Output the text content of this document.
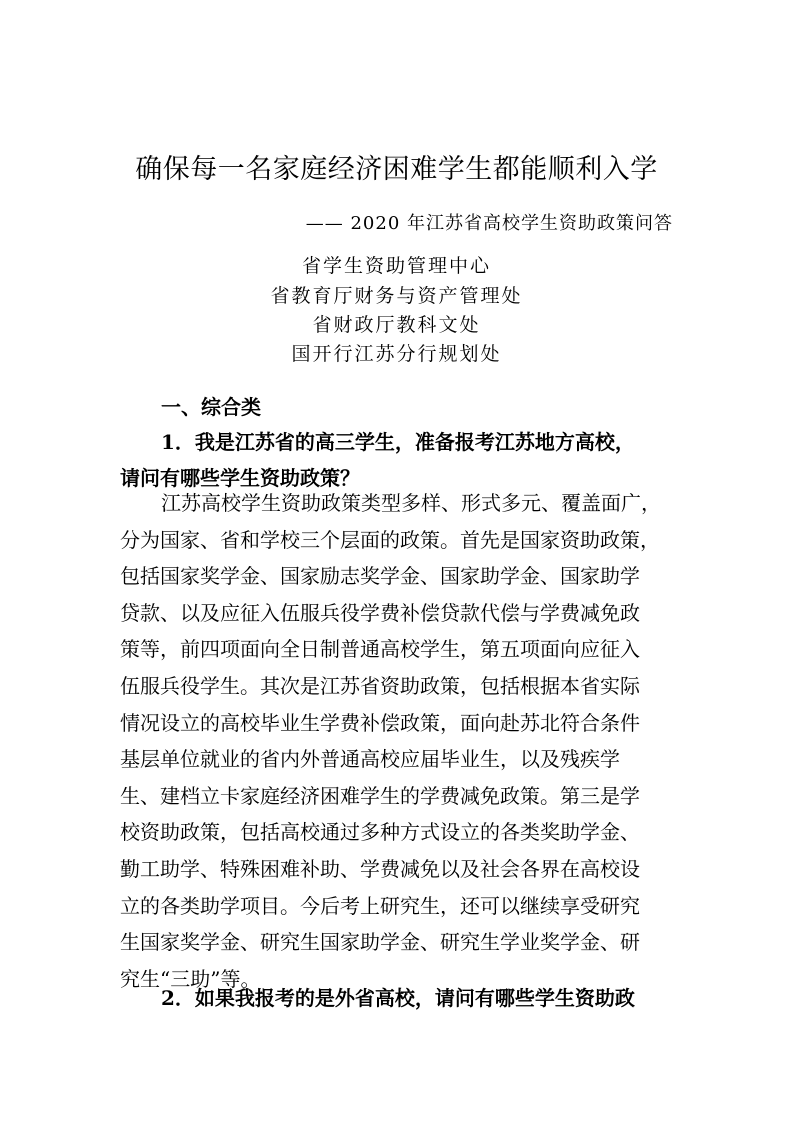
确保每一名家庭经济困难学生都能顺利入学
—— 2020 年江苏省高校学生资助政策问答
省学生资助管理中心
省教育厅财务与资产管理处
省财政厅教科文处
国开行江苏分行规划处
一、综合类
1．我是江苏省的高三学生，准备报考江苏地方高校，
请问有哪些学生资助政策？
江苏高校学生资助政策类型多样、形式多元、覆盖面广，
分为国家、省和学校三个层面的政策。首先是国家资助政策，
包括国家奖学金、国家励志奖学金、国家助学金、国家助学
贷款、以及应征入伍服兵役学费补偿贷款代偿与学费减免政
策等，前四项面向全日制普通高校学生，第五项面向应征入
伍服兵役学生。其次是江苏省资助政策，包括根据本省实际
情况设立的高校毕业生学费补偿政策，面向赴苏北符合条件
基层单位就业的省内外普通高校应届毕业生，以及残疾学
生、建档立卡家庭经济困难学生的学费减免政策。第三是学
校资助政策，包括高校通过多种方式设立的各类奖助学金、
勤工助学、特殊困难补助、学费减免以及社会各界在高校设
立的各类助学项目。今后考上研究生，还可以继续享受研究
生国家奖学金、研究生国家助学金、研究生学业奖学金、研
究生“三助”等。
2．如果我报考的是外省高校，请问有哪些学生资助政
